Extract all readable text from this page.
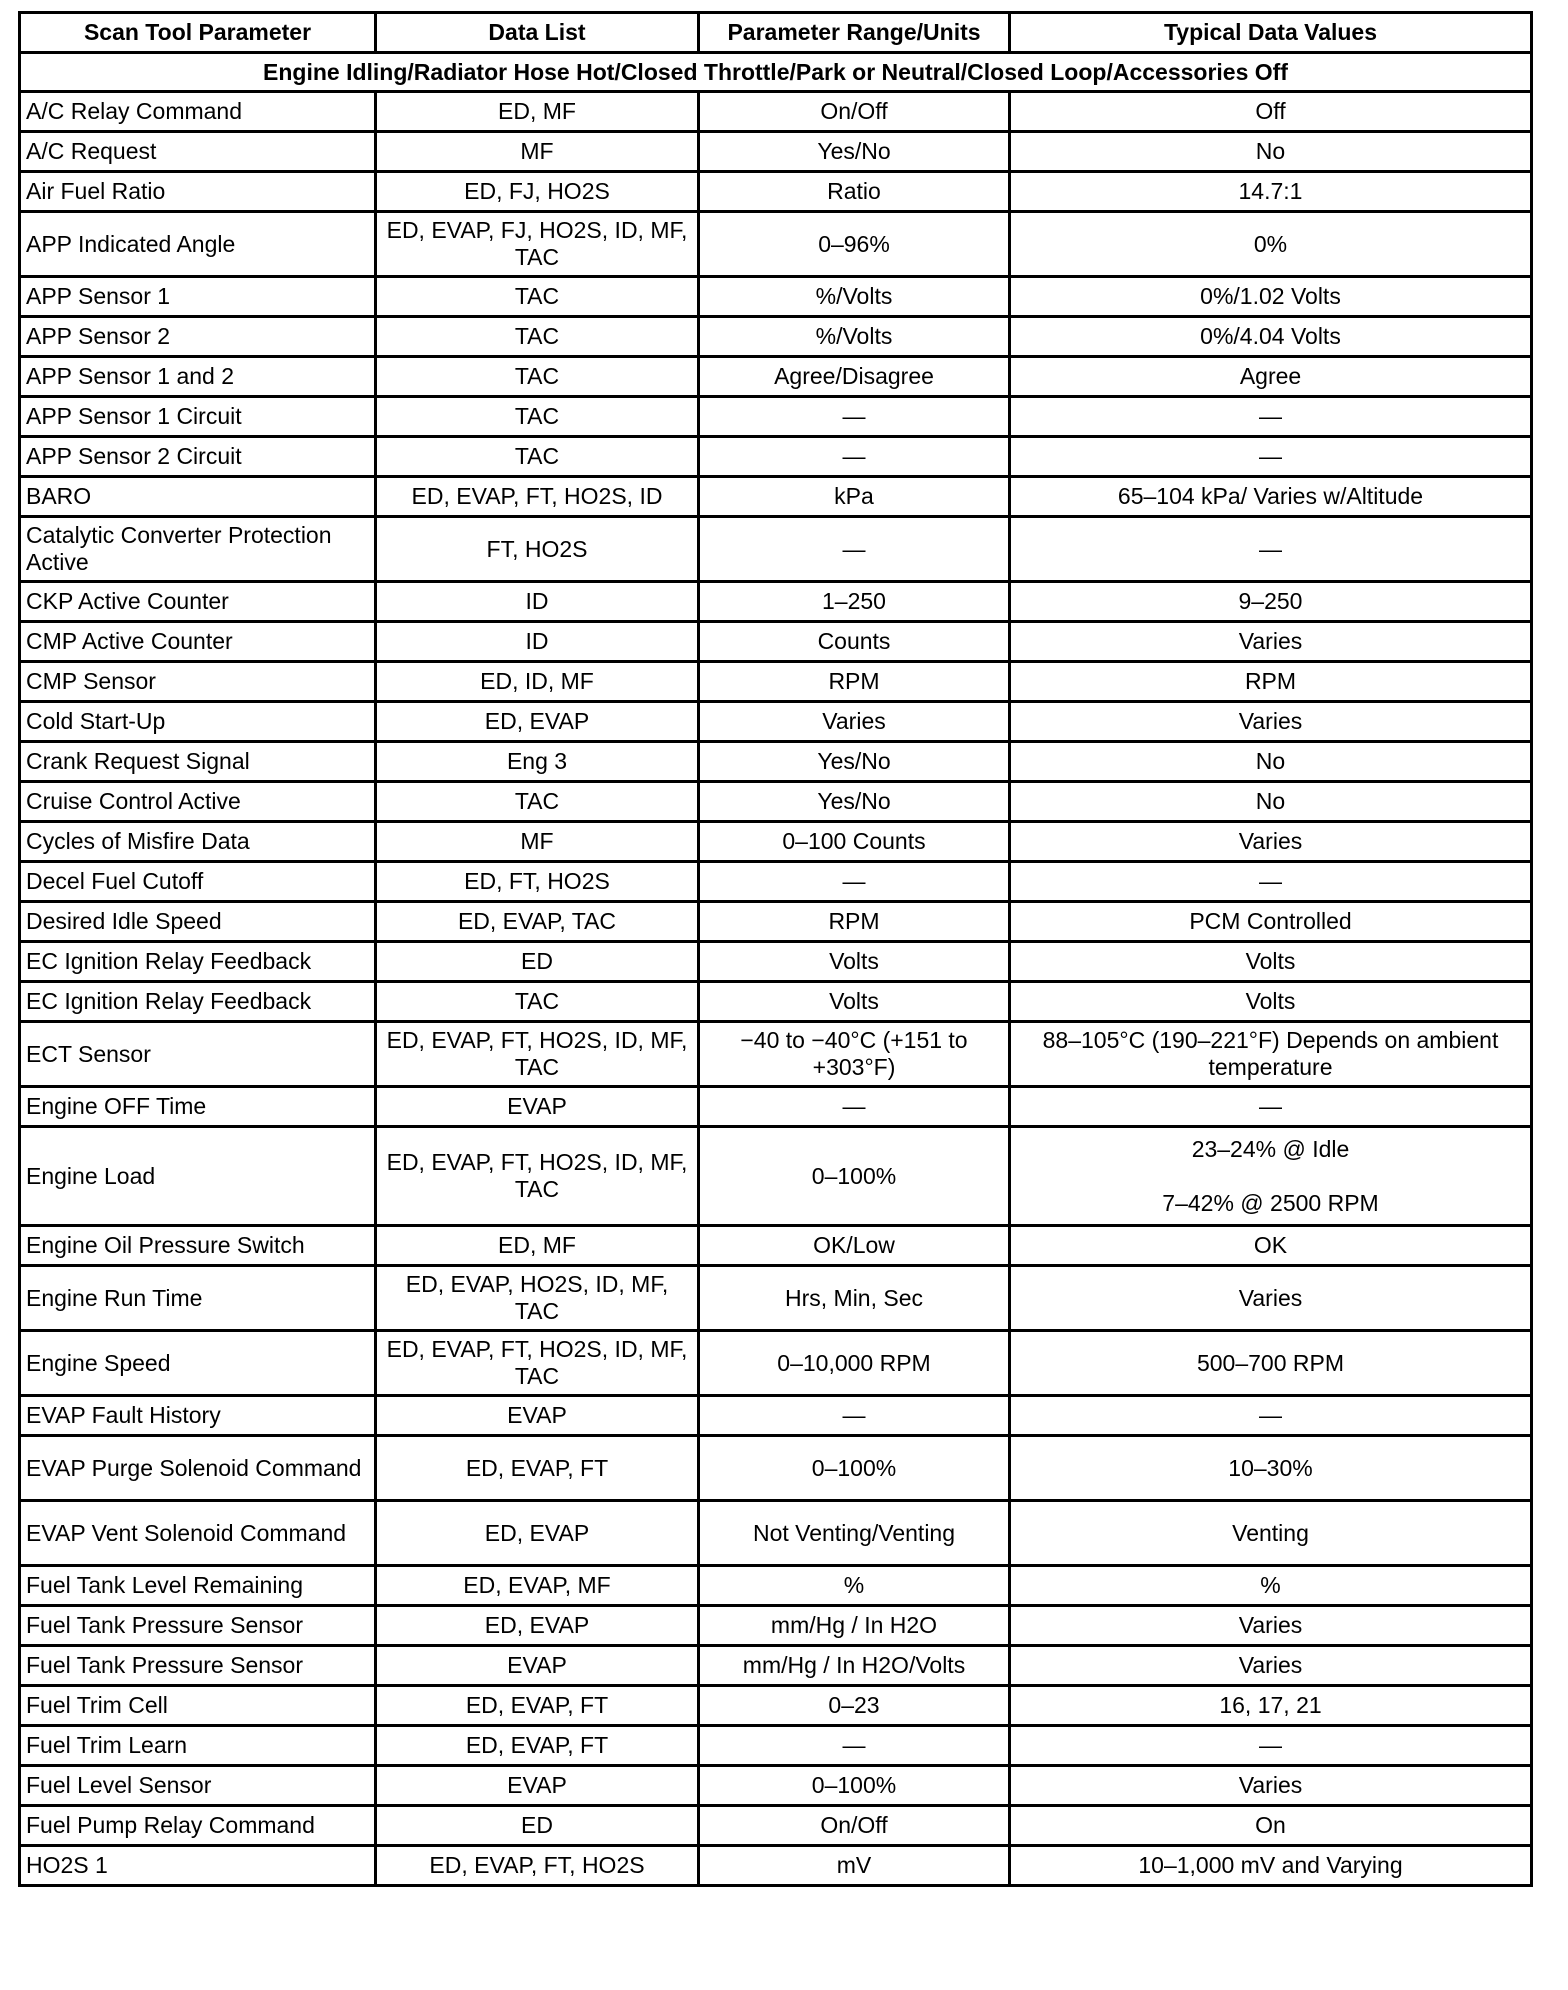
Scan Tool Parameter	Data List	Parameter Range/Units	Typical Data Values
Engine Idling/Radiator Hose Hot/Closed Throttle/Park or Neutral/Closed Loop/Accessories Off			
A/C Relay Command	ED, MF	On/Off	Off
A/C Request	MF	Yes/No	No
Air Fuel Ratio	ED, FJ, HO2S	Ratio	14.7:1
APP Indicated Angle	ED, EVAP, FJ, HO2S, ID, MF, TAC	0–96%	0%
APP Sensor 1	TAC	%/Volts	0%/1.02 Volts
APP Sensor 2	TAC	%/Volts	0%/4.04 Volts
APP Sensor 1 and 2	TAC	Agree/Disagree	Agree
APP Sensor 1 Circuit	TAC	—	—
APP Sensor 2 Circuit	TAC	—	—
BARO	ED, EVAP, FT, HO2S, ID	kPa	65–104 kPa/ Varies w/Altitude
Catalytic Converter Protection Active	FT, HO2S	—	—
CKP Active Counter	ID	1–250	9–250
CMP Active Counter	ID	Counts	Varies
CMP Sensor	ED, ID, MF	RPM	RPM
Cold Start-Up	ED, EVAP	Varies	Varies
Crank Request Signal	Eng 3	Yes/No	No
Cruise Control Active	TAC	Yes/No	No
Cycles of Misfire Data	MF	0–100 Counts	Varies
Decel Fuel Cutoff	ED, FT, HO2S	—	—
Desired Idle Speed	ED, EVAP, TAC	RPM	PCM Controlled
EC Ignition Relay Feedback	ED	Volts	Volts
EC Ignition Relay Feedback	TAC	Volts	Volts
ECT Sensor	ED, EVAP, FT, HO2S, ID, MF, TAC	−40 to −40°C (+151 to +303°F)	88–105°C (190–221°F) Depends on ambient temperature
Engine OFF Time	EVAP	—	—
Engine Load	ED, EVAP, FT, HO2S, ID, MF, TAC	0–100%	23–24% @ Idle

7–42% @ 2500 RPM
Engine Oil Pressure Switch	ED, MF	OK/Low	OK
Engine Run Time	ED, EVAP, HO2S, ID, MF, TAC	Hrs, Min, Sec	Varies
Engine Speed	ED, EVAP, FT, HO2S, ID, MF, TAC	0–10,000 RPM	500–700 RPM
EVAP Fault History	EVAP	—	—
EVAP Purge Solenoid Command	ED, EVAP, FT	0–100%	10–30%
EVAP Vent Solenoid Command	ED, EVAP	Not Venting/Venting	Venting
Fuel Tank Level Remaining	ED, EVAP, MF	%	%
Fuel Tank Pressure Sensor	ED, EVAP	mm/Hg / In H2O	Varies
Fuel Tank Pressure Sensor	EVAP	mm/Hg / In H2O/Volts	Varies
Fuel Trim Cell	ED, EVAP, FT	0–23	16, 17, 21
Fuel Trim Learn	ED, EVAP, FT	—	—
Fuel Level Sensor	EVAP	0–100%	Varies
Fuel Pump Relay Command	ED	On/Off	On
HO2S 1	ED, EVAP, FT, HO2S	mV	10–1,000 mV and Varying
